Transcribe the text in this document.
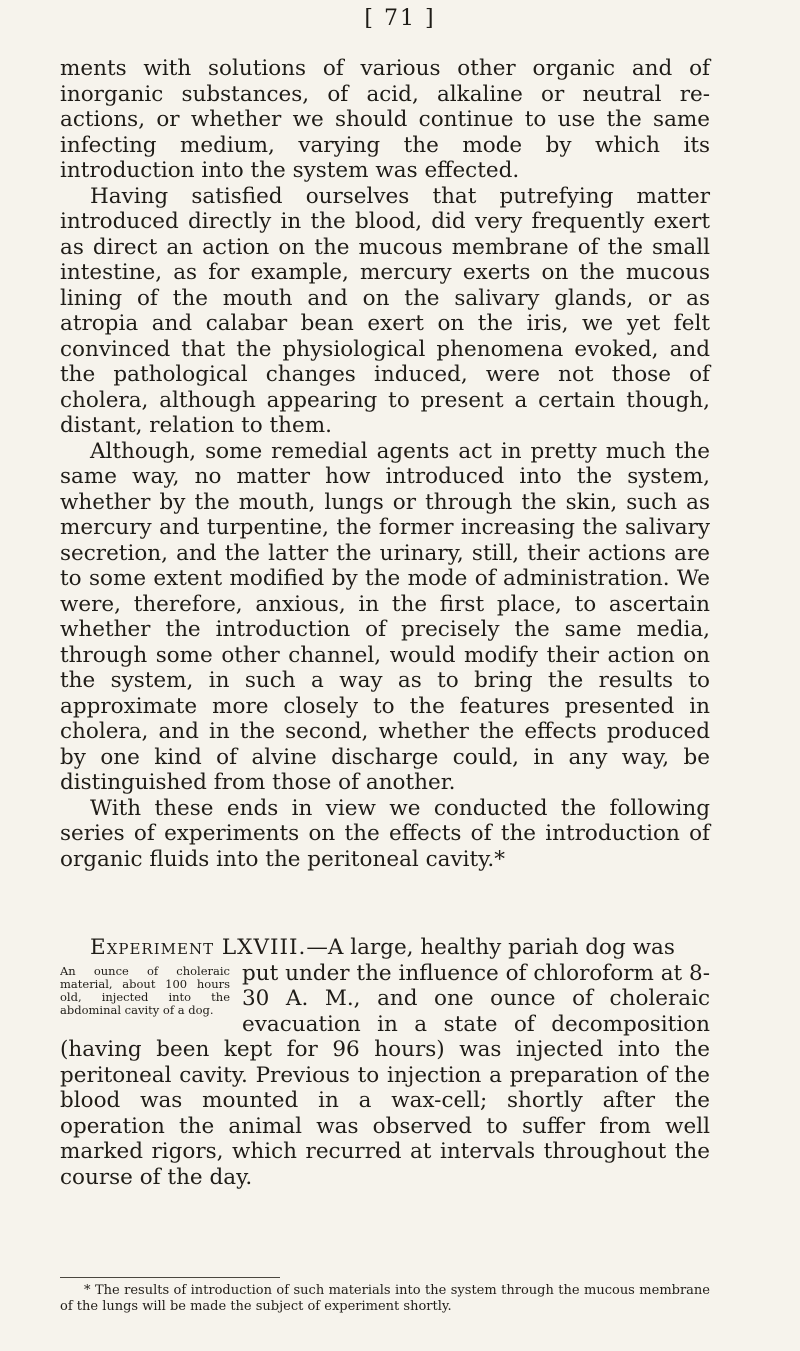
[ 71 ]

ments with solutions of various other organic and of inorganic substances, of acid, alkaline or neutral re-actions, or whether we should continue to use the same infecting medium, varying the mode by which its introduction into the system was effected.

Having satisfied ourselves that putrefying matter introduced directly in the blood, did very frequently exert as direct an action on the mucous membrane of the small intestine, as for example, mercury exerts on the mucous lining of the mouth and on the salivary glands, or as atropia and calabar bean exert on the iris, we yet felt convinced that the physiological phenomena evoked, and the pathological changes induced, were not those of cholera, although appearing to present a certain though, distant, relation to them.

Although, some remedial agents act in pretty much the same way, no matter how introduced into the system, whether by the mouth, lungs or through the skin, such as mercury and turpentine, the former increasing the salivary secretion, and the latter the urinary, still, their actions are to some extent modified by the mode of administration. We were, therefore, anxious, in the first place, to ascertain whether the introduction of precisely the same media, through some other channel, would modify their action on the system, in such a way as to bring the results to approximate more closely to the features presented in cholera, and in the second, whether the effects produced by one kind of alvine discharge could, in any way, be distinguished from those of another.

With these ends in view we conducted the following series of experiments on the effects of the introduction of organic fluids into the peritoneal cavity.*

Experiment LXVIII.—A large, healthy pariah dog was

An ounce of choleraic material, about 100 hours old, injected into the abdominal cavity of a dog.

put under the influence of chloroform at 8-30 A. M., and one ounce of choleraic evacuation in a state of decomposition (having been kept for 96 hours) was injected into the peritoneal cavity. Previous to injection a preparation of the blood was mounted in a wax-cell; shortly after the operation the animal was observed to suffer from well marked rigors, which recurred at intervals throughout the course of the day.

* The results of introduction of such materials into the system through the mucous membrane of the lungs will be made the subject of experiment shortly.
